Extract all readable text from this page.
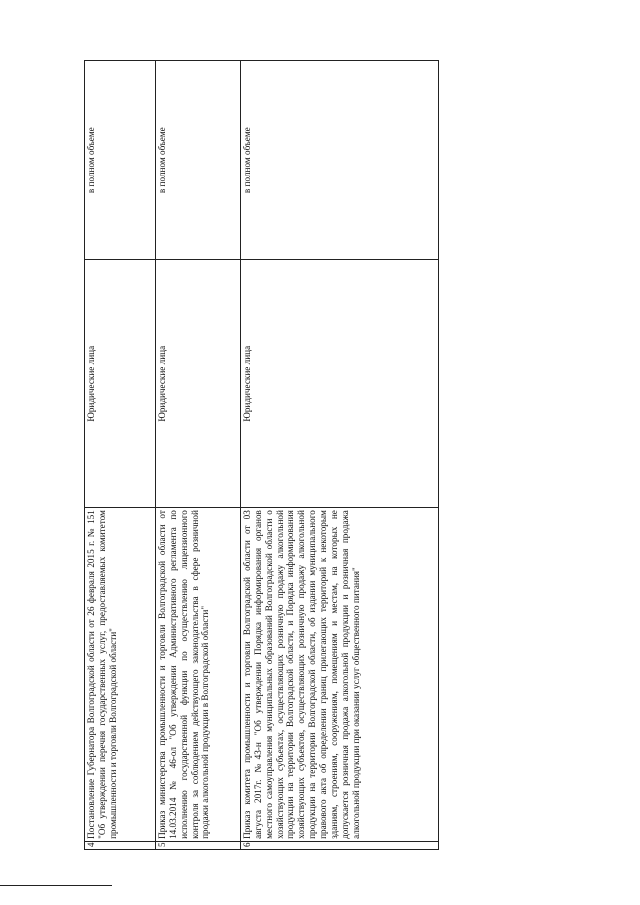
4	Постановление Губернатора Волгоградской области от 26 февраля 2015 г. № 151 "Об утверждении перечня государственных услуг, предоставляемых комитетом промышленности и торговли Волгоградской области"	Юридические лица	в полном объеме
5	Приказ министерства промышленности и торговли Волгоградской области от 14.03.2014 № 46-ол "Об утверждении Административного регламента по исполнению государственной функции по осуществлению лицензионного контроля за соблюдением действующего законодательства в сфере розничной продажи алкогольной продукции в Волгоградской области"	Юридические лица	в полном объеме
6	Приказ комитета промышленности и торговли Волгоградской области от 03 августа 2017г. №43-н "Об утверждении Порядка информирования органов местного самоуправления муниципальных образований Волгоградской области о хозяйствующих субъектах, осуществляющих розничную продажу алкогольной продукции на территории Волгоградской области, и Порядка информирования хозяйствующих субъектов, осуществляющих розничную продажу алкогольной продукции на территории Волгоградской области, об издании муниципального правового акта об определении границ прилегающих территорий к некоторым зданиям, строениям, сооружениям, помещениям и местам, на которых не допускается розничная продажа алкогольной продукции и розничная продажа алкогольной продукции при оказании услуг общественного питания"	Юридические лица	в полном объеме
